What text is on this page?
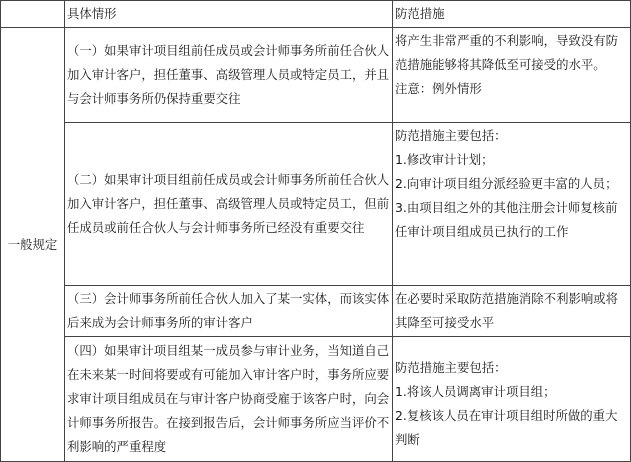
	具体情形	防范措施
一般规定	（一）如果审计项目组前任成员或会计师事务所前任合伙人加入审计客户，担任董事、高级管理人员或特定员工，并且与会计师事务所仍保持重要交往	将产生非常严重的不利影响，导致没有防范措施能够将其降低至可接受的水平。
注意：例外情形

	（二）如果审计项目组前任成员或会计师事务所前任合伙人加入审计客户，担任董事、高级管理人员或特定员工，但前任成员或前任合伙人与会计师事务所已经没有重要交往	防范措施主要包括：
1.修改审计计划；
2.向审计项目组分派经验更丰富的人员；
3.由项目组之外的其他注册会计师复核前任审计项目组成员已执行的工作

	（三）会计师事务所前任合伙人加入了某一实体，而该实体后来成为会计师事务所的审计客户	在必要时采取防范措施消除不利影响或将其降至可接受水平

	（四）如果审计项目组某一成员参与审计业务，当知道自己在未来某一时间将要或有可能加入审计客户时，事务所应要求审计项目组成员在与审计客户协商受雇于该客户时，向会计师事务所报告。在接到报告后，会计师事务所应当评价不利影响的严重程度	防范措施主要包括：
1.将该人员调离审计项目组；
2.复核该人员在审计项目组时所做的重大判断
